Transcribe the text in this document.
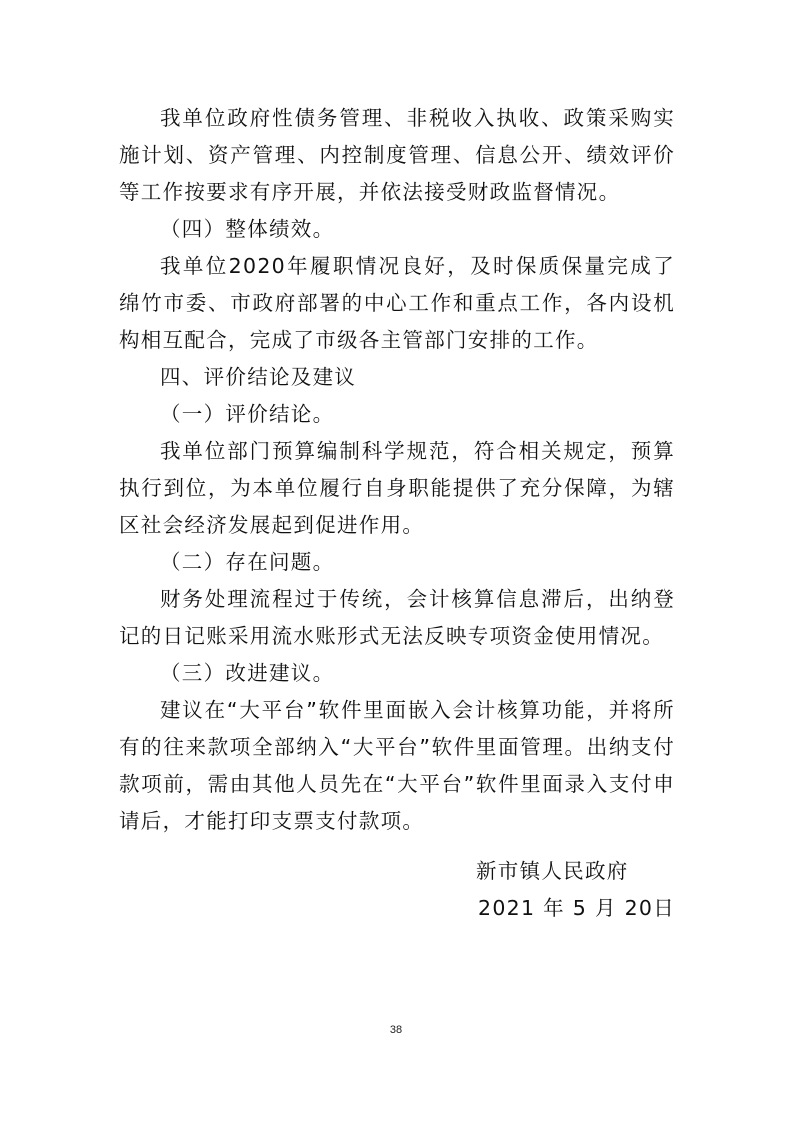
我单位政府性债务管理、非税收入执收、政策采购实施计划、资产管理、内控制度管理、信息公开、绩效评价等工作按要求有序开展，并依法接受财政监督情况。

（四）整体绩效。

我单位2020年履职情况良好，及时保质保量完成了绵竹市委、市政府部署的中心工作和重点工作，各内设机构相互配合，完成了市级各主管部门安排的工作。

四、评价结论及建议

（一）评价结论。

我单位部门预算编制科学规范，符合相关规定，预算执行到位，为本单位履行自身职能提供了充分保障，为辖区社会经济发展起到促进作用。

（二）存在问题。

财务处理流程过于传统，会计核算信息滞后，出纳登记的日记账采用流水账形式无法反映专项资金使用情况。

（三）改进建议。

建议在“大平台”软件里面嵌入会计核算功能，并将所有的往来款项全部纳入“大平台”软件里面管理。出纳支付款项前，需由其他人员先在“大平台”软件里面录入支付申请后，才能打印支票支付款项。

新市镇人民政府
2021 年 5 月 20日
38
